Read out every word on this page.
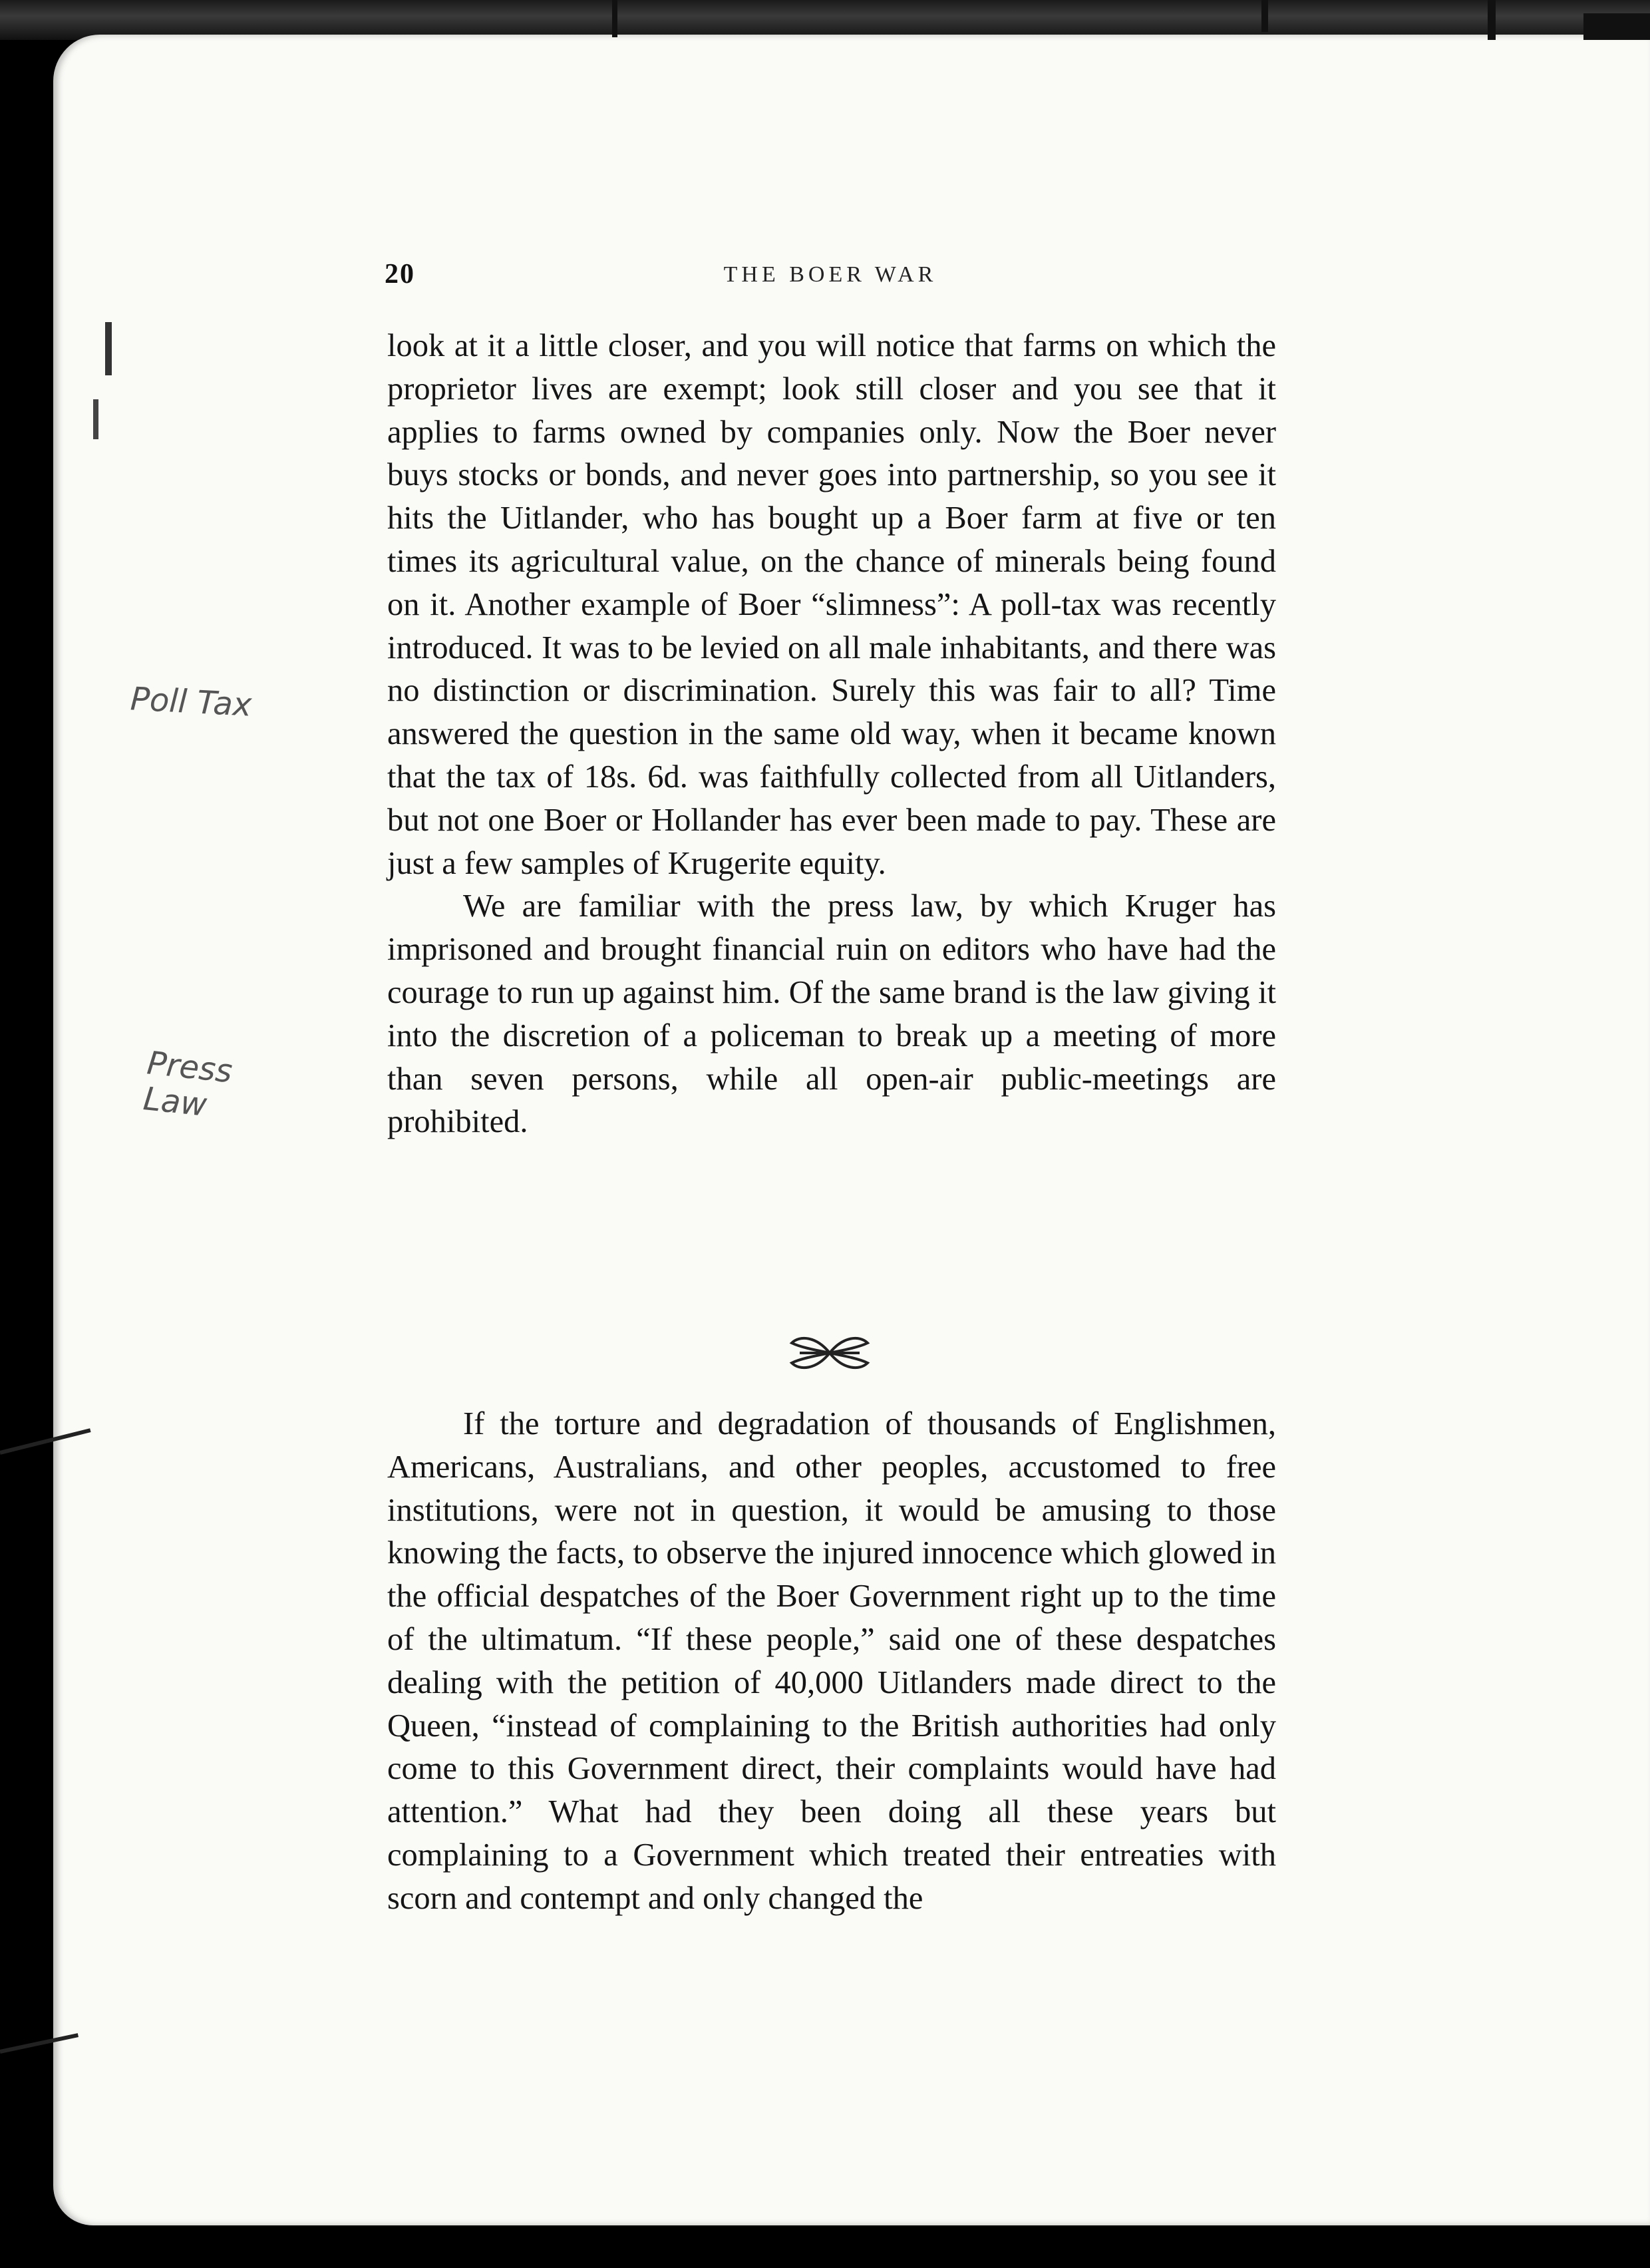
20	THE BOER WAR

look at it a little closer, and you will notice that farms on which the proprietor lives are exempt; look still closer and you see that it applies to farms owned by companies only. Now the Boer never buys stocks or bonds, and never goes into partnership, so you see it hits the Uitlander, who has bought up a Boer farm at five or ten times its agricultural value, on the chance of minerals being found on it. Another example of Boer “slimness”: A poll-tax was recently introduced. It was to be levied on all male inhabitants, and there was no distinction or discrimination. Surely this was fair to all? Time answered the question in the same old way, when it became known that the tax of 18s. 6d. was faithfully collected from all Uitlanders, but not one Boer or Hollander has ever been made to pay. These are just a few samples of Krugerite equity.

We are familiar with the press law, by which Kruger has imprisoned and brought financial ruin on editors who have had the courage to run up against him. Of the same brand is the law giving it into the discretion of a policeman to break up a meeting of more than seven persons, while all open-air public-meetings are prohibited.

If the torture and degradation of thousands of Englishmen, Americans, Australians, and other peoples, accustomed to free institutions, were not in question, it would be amusing to those knowing the facts, to observe the injured innocence which glowed in the official despatches of the Boer Government right up to the time of the ultimatum. “If these people,” said one of these despatches dealing with the petition of 40,000 Uitlanders made direct to the Queen, “instead of complaining to the British authorities had only come to this Government direct, their complaints would have had attention.” What had they been doing all these years but complaining to a Government which treated their entreaties with scorn and contempt and only changed the

Poll Tax
Press Law
